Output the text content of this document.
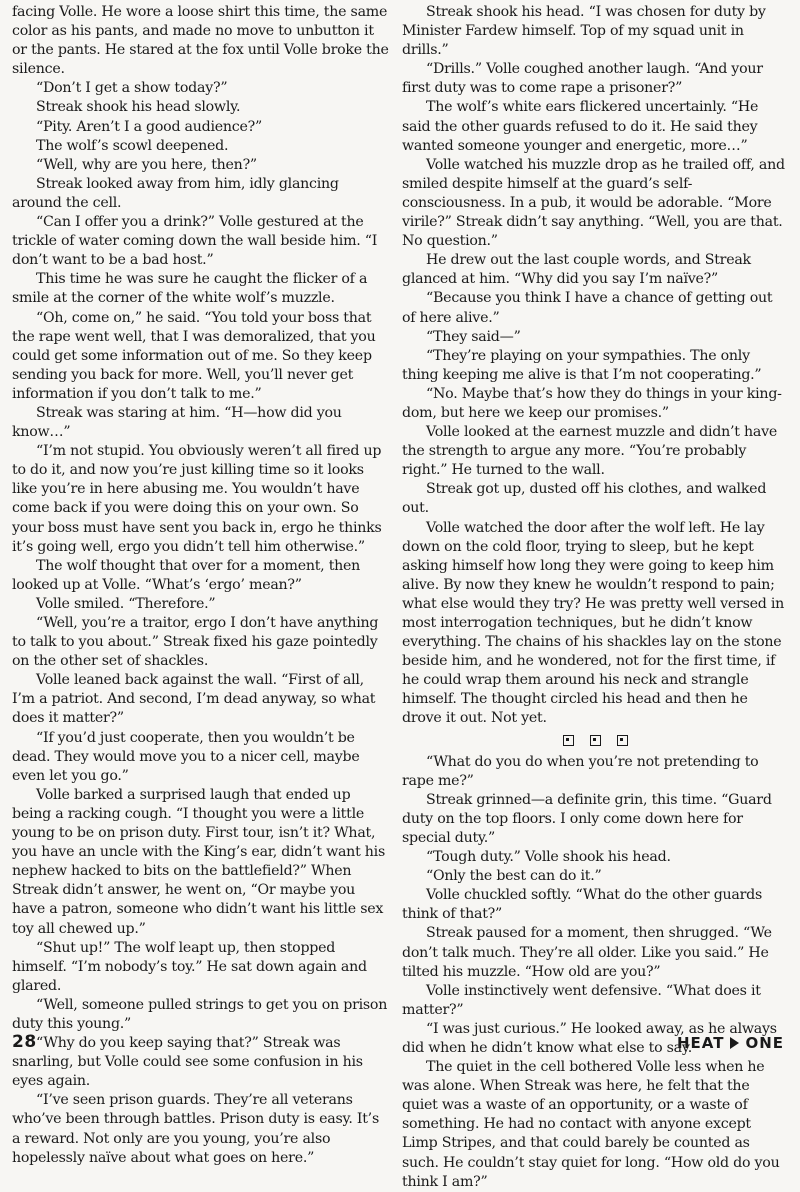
facing Volle. He wore a loose shirt this time, the same color as his pants, and made no move to unbutton it or the pants. He stared at the fox until Volle broke the silence.

“Don’t I get a show today?”

Streak shook his head slowly.

“Pity. Aren’t I a good audience?”

The wolf’s scowl deepened.

“Well, why are you here, then?”

Streak looked away from him, idly glancing around the cell.

“Can I offer you a drink?” Volle gestured at the trickle of water coming down the wall beside him. “I don’t want to be a bad host.”

This time he was sure he caught the flicker of a smile at the corner of the white wolf’s muzzle.

“Oh, come on,” he said. “You told your boss that the rape went well, that I was demoralized, that you could get some information out of me. So they keep sending you back for more. Well, you’ll never get information if you don’t talk to me.”

Streak was staring at him. “H—how did you know…”

“I’m not stupid. You obviously weren’t all fired up to do it, and now you’re just killing time so it looks like you’re in here abusing me. You wouldn’t have come back if you were doing this on your own. So your boss must have sent you back in, ergo he thinks it’s going well, ergo you didn’t tell him otherwise.”

The wolf thought that over for a moment, then looked up at Volle. “What’s ‘ergo’ mean?”

Volle smiled. “Therefore.”

“Well, you’re a traitor, ergo I don’t have anything to talk to you about.” Streak fixed his gaze pointedly on the other set of shackles.

Volle leaned back against the wall. “First of all, I’m a patriot. And second, I’m dead anyway, so what does it matter?”

“If you’d just cooperate, then you wouldn’t be dead. They would move you to a nicer cell, maybe even let you go.”

Volle barked a surprised laugh that ended up being a racking cough. “I thought you were a little young to be on prison duty. First tour, isn’t it? What, you have an uncle with the King’s ear, didn’t want his nephew hacked to bits on the battlefield?” When Streak didn’t answer, he went on, “Or maybe you have a patron, someone who didn’t want his little sex toy all chewed up.”

“Shut up!” The wolf leapt up, then stopped himself. “I’m nobody’s toy.” He sat down again and glared.

“Well, someone pulled strings to get you on prison duty this young.”

“Why do you keep saying that?” Streak was snarling, but Volle could see some confusion in his eyes again.

“I’ve seen prison guards. They’re all veterans who’ve been through battles. Prison duty is easy. It’s a reward. Not only are you young, you’re also hopelessly naïve about what goes on here.”

Streak shook his head. “I was chosen for duty by Minister Fardew himself. Top of my squad unit in drills.”

“Drills.” Volle coughed another laugh. “And your first duty was to come rape a prisoner?”

The wolf’s white ears flickered uncertainly. “He said the other guards refused to do it. He said they wanted someone younger and energetic, more…”

Volle watched his muzzle drop as he trailed off, and smiled despite himself at the guard’s self-consciousness. In a pub, it would be adorable. “More virile?” Streak didn’t say anything. “Well, you are that. No question.”

He drew out the last couple words, and Streak glanced at him. “Why did you say I’m naïve?”

“Because you think I have a chance of getting out of here alive.”

“They said—”

“They’re playing on your sympathies. The only thing keeping me alive is that I’m not cooperating.”

“No. Maybe that’s how they do things in your king-dom, but here we keep our promises.”

Volle looked at the earnest muzzle and didn’t have the strength to argue any more. “You’re probably right.” He turned to the wall.

Streak got up, dusted off his clothes, and walked out.

Volle watched the door after the wolf left. He lay down on the cold floor, trying to sleep, but he kept asking himself how long they were going to keep him alive. By now they knew he wouldn’t respond to pain; what else would they try? He was pretty well versed in most interrogation techniques, but he didn’t know everything. The chains of his shackles lay on the stone beside him, and he wondered, not for the first time, if he could wrap them around his neck and strangle himself. The thought circled his head and then he drove it out. Not yet.

“What do you do when you’re not pretending to rape me?”

Streak grinned—a definite grin, this time. “Guard duty on the top floors. I only come down here for special duty.”

“Tough duty.” Volle shook his head.

“Only the best can do it.”

Volle chuckled softly. “What do the other guards think of that?”

Streak paused for a moment, then shrugged. “We don’t talk much. They’re all older. Like you said.” He tilted his muzzle. “How old are you?”

Volle instinctively went defensive. “What does it matter?”

“I was just curious.” He looked away, as he always did when he didn’t know what else to say.

The quiet in the cell bothered Volle less when he was alone. When Streak was here, he felt that the quiet was a waste of an opportunity, or a waste of something. He had no contact with anyone except Limp Stripes, and that could barely be counted as such. He couldn’t stay quiet for long. “How old do you think I am?”

28	HEAT ONE
